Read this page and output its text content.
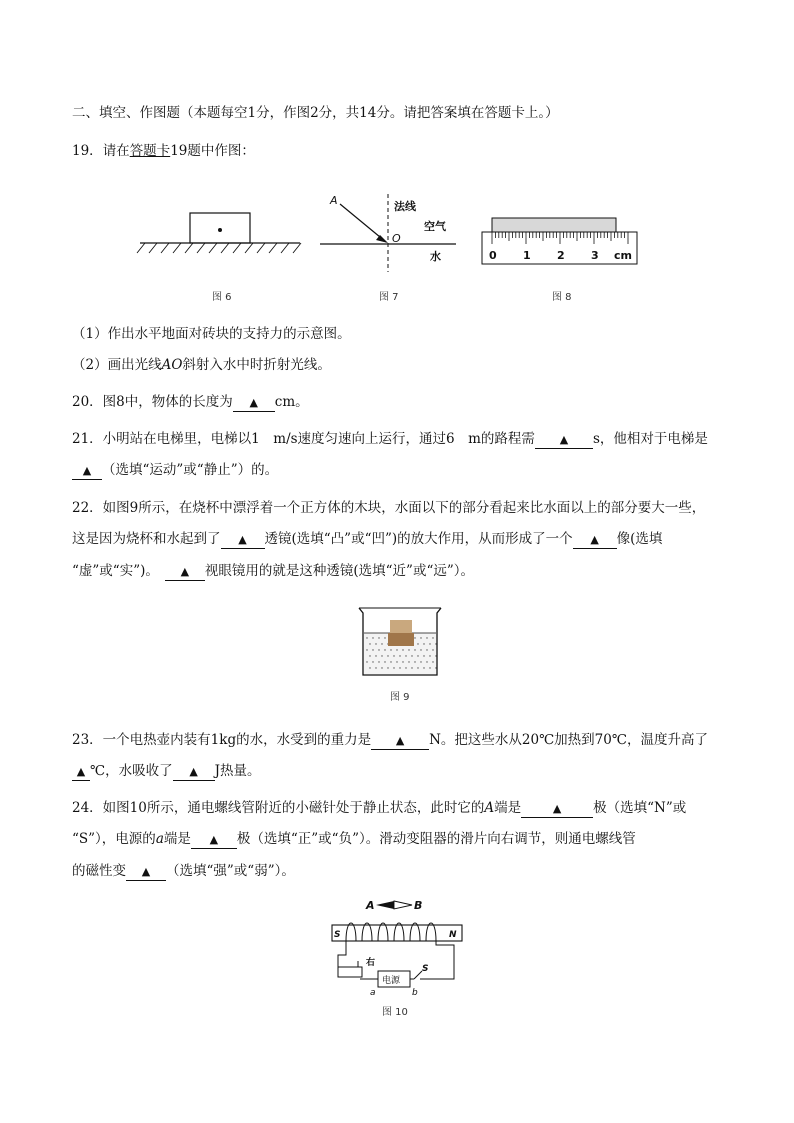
二、填空、作图题（本题每空1分，作图2分，共14分。请把答案填在答题卡上。）
19．请在答题卡19题中作图：
图 6
A
O
法线
空气
水
图 7
0 1 2 3 cm
图 8
（1）作出水平地面对砖块的支持力的示意图。
（2）画出光线AO斜射入水中时折射光线。
20．图8中，物体的长度为 ▲ cm。
21．小明站在电梯里，电梯以1　m/s速度匀速向上运行，通过6　m的路程需 ▲ s，他相对于电梯是
▲ （选填“运动”或“静止”）的。
22．如图9所示，在烧杯中漂浮着一个正方体的木块，水面以下的部分看起来比水面以上的部分要大一些，
这是因为烧杯和水起到了 ▲ 透镜(选填“凸”或“凹”)的放大作用，从而形成了一个 ▲ 像(选填
“虚”或“实”)。 ▲ 视眼镜用的就是这种透镜(选填“近”或“远”）。
图 9
23．一个电热壶内装有1kg的水，水受到的重力是 ▲ N。把这些水从20℃加热到70℃，温度升高了
▲ ℃，水吸收了 ▲ J热量。
24．如图10所示，通电螺线管附近的小磁针处于静止状态，此时它的A端是	▲ 极（选填“N”或
“S”），电源的a端是 ▲ 极（选填“正”或“负”）。滑动变阻器的滑片向右调节，则通电螺线管
的磁性变 ▲ （选填“强”或“弱”）。
A	B
S	N
右
电源
S
a	b
图 10
